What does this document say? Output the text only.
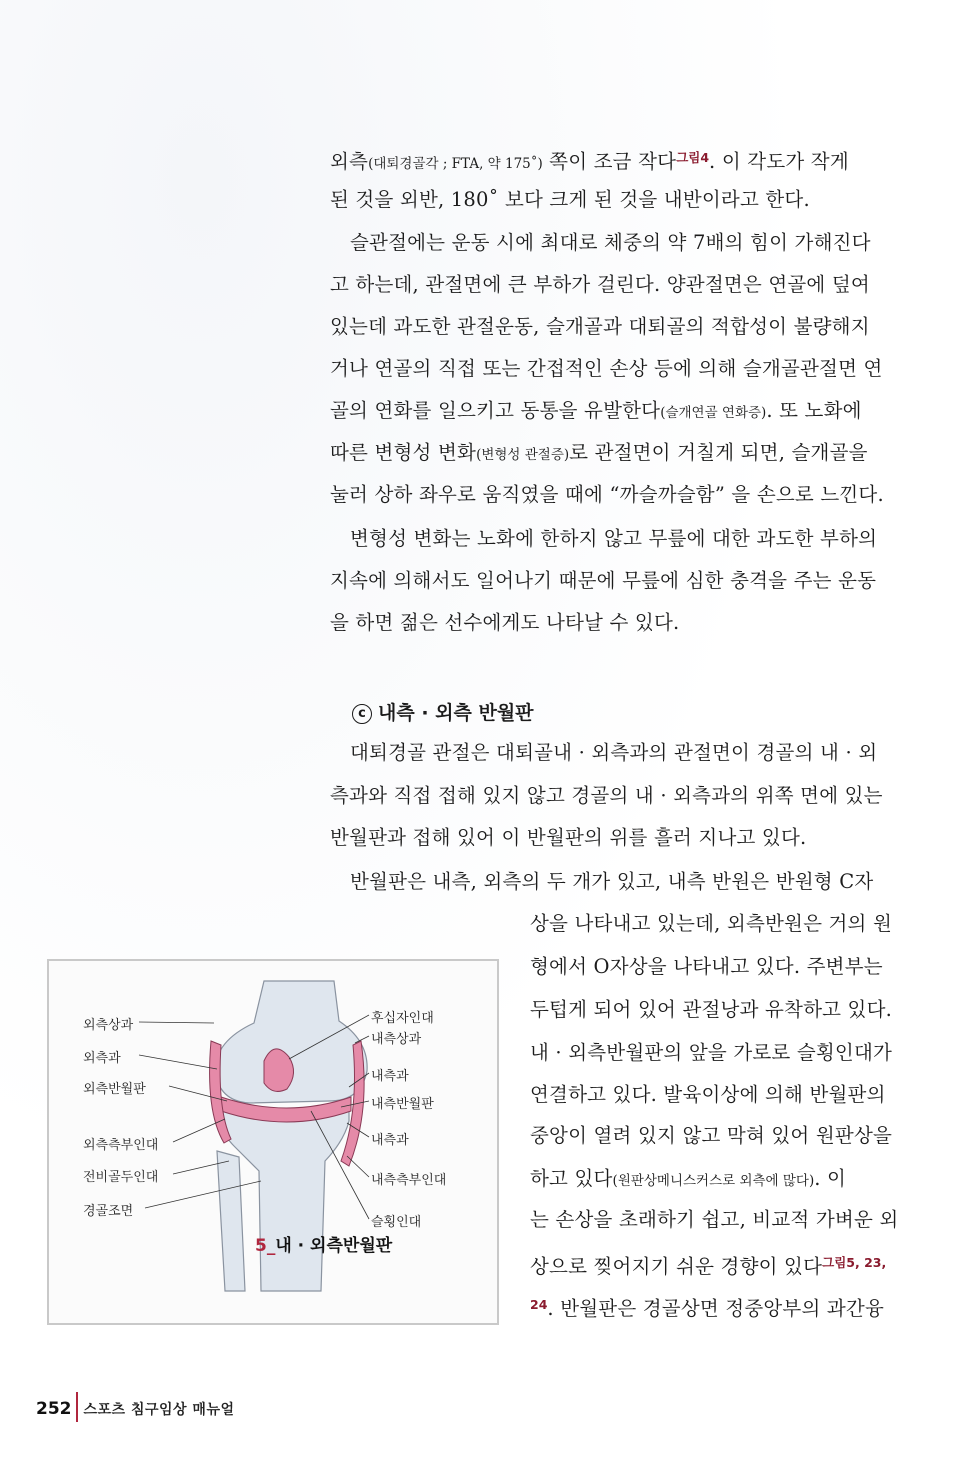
외측(대퇴경골각 ; FTA, 약 175˚) 쪽이 조금 작다$^{그림4}$. 이 각도가 작게
된 것을 외반, 180˚ 보다 크게 된 것을 내반이라고 한다.
슬관절에는 운동 시에 최대로 체중의 약 7배의 힘이 가해진다
고 하는데, 관절면에 큰 부하가 걸린다. 양관절면은 연골에 덮여
있는데 과도한 관절운동, 슬개골과 대퇴골의 적합성이 불량해지
거나 연골의 직접 또는 간접적인 손상 등에 의해 슬개골관절면 연
골의 연화를 일으키고 동통을 유발한다(슬개연골 연화증). 또 노화에
따른 변형성 변화(변형성 관절증)로 관절면이 거칠게 되면, 슬개골을
눌러 상하 좌우로 움직였을 때에 “까슬까슬함” 을 손으로 느낀다.
변형성 변화는 노화에 한하지 않고 무릎에 대한 과도한 부하의
지속에 의해서도 일어나기 때문에 무릎에 심한 충격을 주는 운동
을 하면 젊은 선수에게도 나타날 수 있다.
c 내측 · 외측 반월판
대퇴경골 관절은 대퇴골내 · 외측과의 관절면이 경골의 내 · 외
측과와 직접 접해 있지 않고 경골의 내 · 외측과의 위쪽 면에 있는
반월판과 접해 있어 이 반월판의 위를 흘러 지나고 있다.
반월판은 내측, 외측의 두 개가 있고, 내측 반원은 반원형 C자
상을 나타내고 있는데, 외측반원은 거의 원
형에서 O자상을 나타내고 있다. 주변부는
두텁게 되어 있어 관절낭과 유착하고 있다.
내 · 외측반월판의 앞을 가로로 슬횡인대가
연결하고 있다. 발육이상에 의해 반월판의
중앙이 열려 있지 않고 막혀 있어 원판상을
하고 있다(원판상메니스커스로 외측에 많다). 이
는 손상을 초래하기 쉽고, 비교적 가벼운 외
상으로 찢어지기 쉬운 경향이 있다$^{그림5, 23,}$
$^{24}$. 반월판은 경골상면 정중앙부의 과간융
외측상과
외측과
외측반월판
외측측부인대
전비골두인대
경골조면
후십자인대
내측상과
내측과
내측반월판
내측과
내측측부인대
슬횡인대
5_내 · 외측반월판
252 스포츠 침구임상 매뉴얼
